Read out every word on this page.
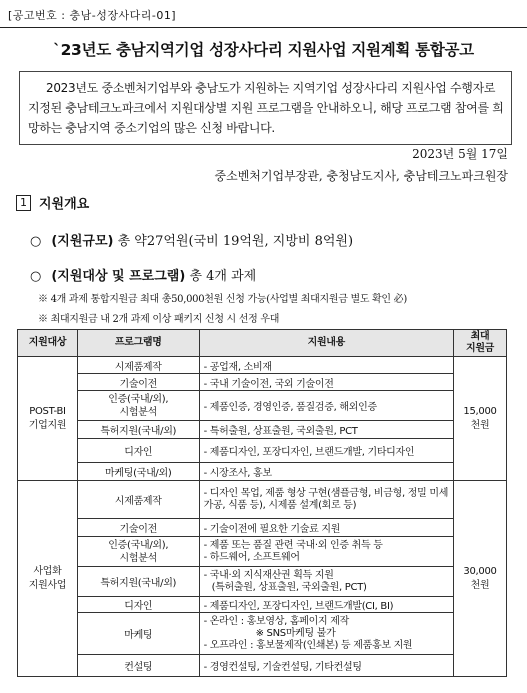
[공고번호 : 충남-성장사다리-01]
`23년도 충남지역기업 성장사다리 지원사업 지원계획 통합공고

2023년도 중소벤처기업부와 충남도가 지원하는 지역기업 성장사다리 지원사업 수행자로 지정된 충남테크노파크에서 지원대상별 지원 프로그램을 안내하오니, 해당 프로그램 참여를 희망하는 충남지역 중소기업의 많은 신청 바랍니다.

2023년 5월 17일
중소벤처기업부장관, 충청남도지사, 충남테크노파크원장
1 지원개요
○ (지원규모) 총 약27억원(국비 19억원, 지방비 8억원)
○ (지원대상 및 프로그램) 총 4개 과제
※ 4개 과제 통합지원금 최대 총50,000천원 신청 가능(사업별 최대지원금 별도 확인 必)
※ 최대지원금 내 2개 과제 이상 패키지 신청 시 선정 우대
지원대상	프로그램명	지원내용	최대
지원금

POST-BI
기업지원	시제품제작	- 공업재, 소비재	15,000
천원

	기술이전	- 국내 기술이전, 국외 기술이전	

	인증(국내/외),
시험분석	- 제품인증, 경영인증, 품질검증, 해외인증	
	특허지원(국내/외)	- 특허출원, 상표출원, 국외출원, PCT	
	디자인	- 제품디자인, 포장디자인, 브랜드개발, 기타디자인	
	마케팅(국내/외)	- 시장조사, 홍보	

사업화
지원사업	시제품제작	- 디자인 목업, 제품 형상 구현(샘플금형, 비금형, 정밀 미세가공, 식품 등), 시제품 설계(회로 등)	30,000
천원

	기술이전	- 기술이전에 필요한 기술료 지원	

	인증(국내/외),
시험분석	- 제품 또는 품질 관련 국내·외 인증 취득 등
- 하드웨어, 소프트웨어	

	특허지원(국내/외)	- 국내·외 지식재산권 획득 지원
(특허출원, 상표출원, 국외출원, PCT)	

	디자인	- 제품디자인, 포장디자인, 브랜드개발(CI, BI)	
	마케팅	- 온라인 : 홍보영상, 홈페이지 제작
※ SNS마케팅 불가
- 오프라인 : 홍보물제작(인쇄본) 등 제품홍보 지원	

	컨설팅	- 경영컨설팅, 기술컨설팅, 기타컨설팅	
